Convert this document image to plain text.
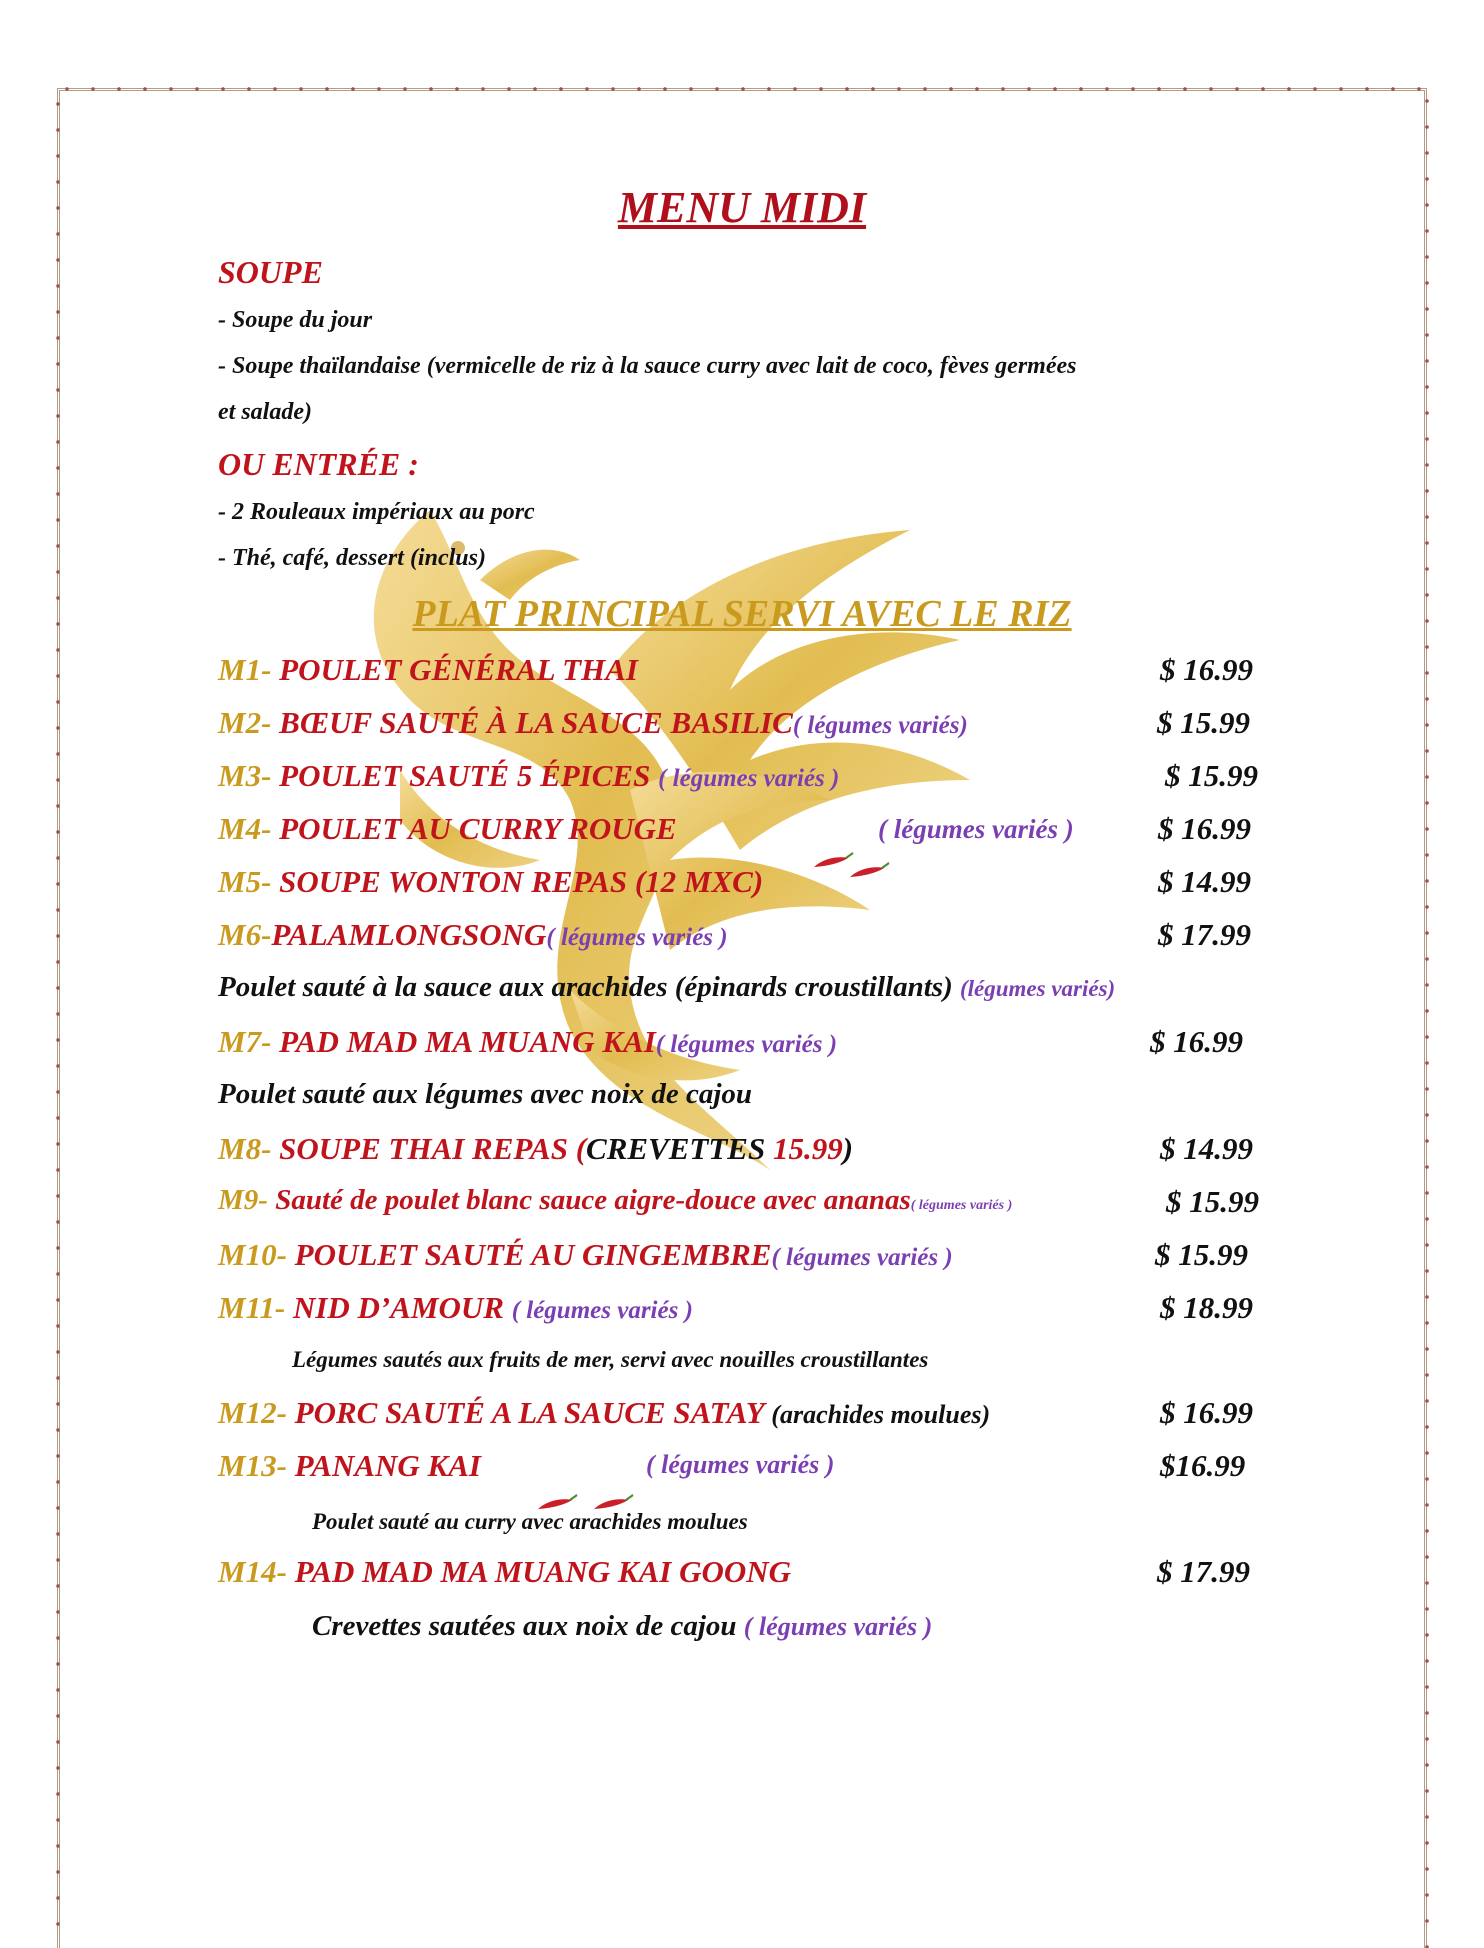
MENU MIDI
SOUPE
- Soupe du jour
- Soupe thaïlandaise (vermicelle de riz à la sauce curry avec lait de coco, fèves germées
et salade)
OU ENTRÉE :
- 2 Rouleaux impériaux au porc
- Thé, café, dessert (inclus)
PLAT PRINCIPAL SERVI AVEC LE RIZ
M1- POULET GÉNÉRAL THAI	$ 16.99
M2- BŒUF SAUTÉ À LA SAUCE BASILIC( légumes variés)	$ 15.99
M3- POULET SAUTÉ 5 ÉPICES ( légumes variés )	$ 15.99
M4- POULET AU CURRY ROUGE	( légumes variés )	$ 16.99
M5- SOUPE WONTON REPAS (12 MXC)	$ 14.99
M6-PALAMLONGSONG( légumes variés )	$ 17.99
Poulet sauté à la sauce aux arachides (épinards croustillants) (légumes variés)
M7- PAD MAD MA MUANG KAI( légumes variés )	$ 16.99
Poulet sauté aux légumes avec noix de cajou
M8- SOUPE THAI REPAS (CREVETTES 15.99)	$ 14.99
M9- Sauté de poulet blanc sauce aigre-douce avec ananas( légumes variés )	$ 15.99
M10- POULET SAUTÉ AU GINGEMBRE( légumes variés )	$ 15.99
M11- NID D’AMOUR ( légumes variés )	$ 18.99
Légumes sautés aux fruits de mer, servi avec nouilles croustillantes
M12- PORC SAUTÉ A LA SAUCE SATAY (arachides moulues)	$ 16.99
M13- PANANG KAI	( légumes variés )	$16.99
Poulet sauté au curry avec arachides moulues
M14- PAD MAD MA MUANG KAI GOONG	$ 17.99
Crevettes sautées aux noix de cajou ( légumes variés )
